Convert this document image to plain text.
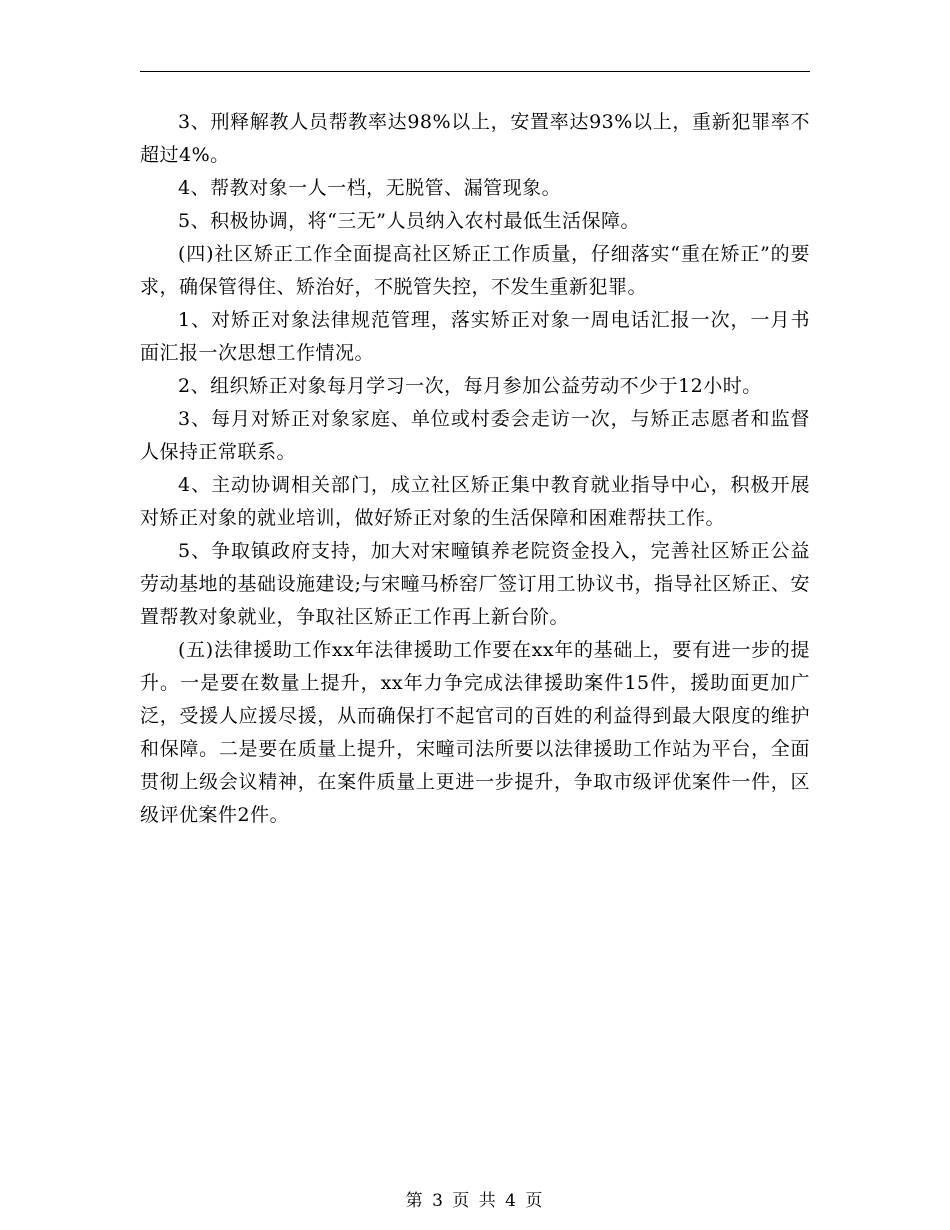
3、刑释解教人员帮教率达98%以上，安置率达93%以上，重新犯罪率不超过4%。

4、帮教对象一人一档，无脱管、漏管现象。

5、积极协调，将“三无”人员纳入农村最低生活保障。

(四)社区矫正工作全面提高社区矫正工作质量，仔细落实“重在矫正”的要求，确保管得住、矫治好，不脱管失控，不发生重新犯罪。

1、对矫正对象法律规范管理，落实矫正对象一周电话汇报一次，一月书面汇报一次思想工作情况。

2、组织矫正对象每月学习一次，每月参加公益劳动不少于12小时。

3、每月对矫正对象家庭、单位或村委会走访一次，与矫正志愿者和监督人保持正常联系。

4、主动协调相关部门，成立社区矫正集中教育就业指导中心，积极开展对矫正对象的就业培训，做好矫正对象的生活保障和困难帮扶工作。

5、争取镇政府支持，加大对宋疃镇养老院资金投入，完善社区矫正公益劳动基地的基础设施建设;与宋疃马桥窑厂签订用工协议书，指导社区矫正、安置帮教对象就业，争取社区矫正工作再上新台阶。

(五)法律援助工作xx年法律援助工作要在xx年的基础上，要有进一步的提升。一是要在数量上提升，xx年力争完成法律援助案件15件，援助面更加广泛，受援人应援尽援，从而确保打不起官司的百姓的利益得到最大限度的维护和保障。二是要在质量上提升，宋疃司法所要以法律援助工作站为平台，全面贯彻上级会议精神，在案件质量上更进一步提升，争取市级评优案件一件，区级评优案件2件。

第 3 页 共 4 页
